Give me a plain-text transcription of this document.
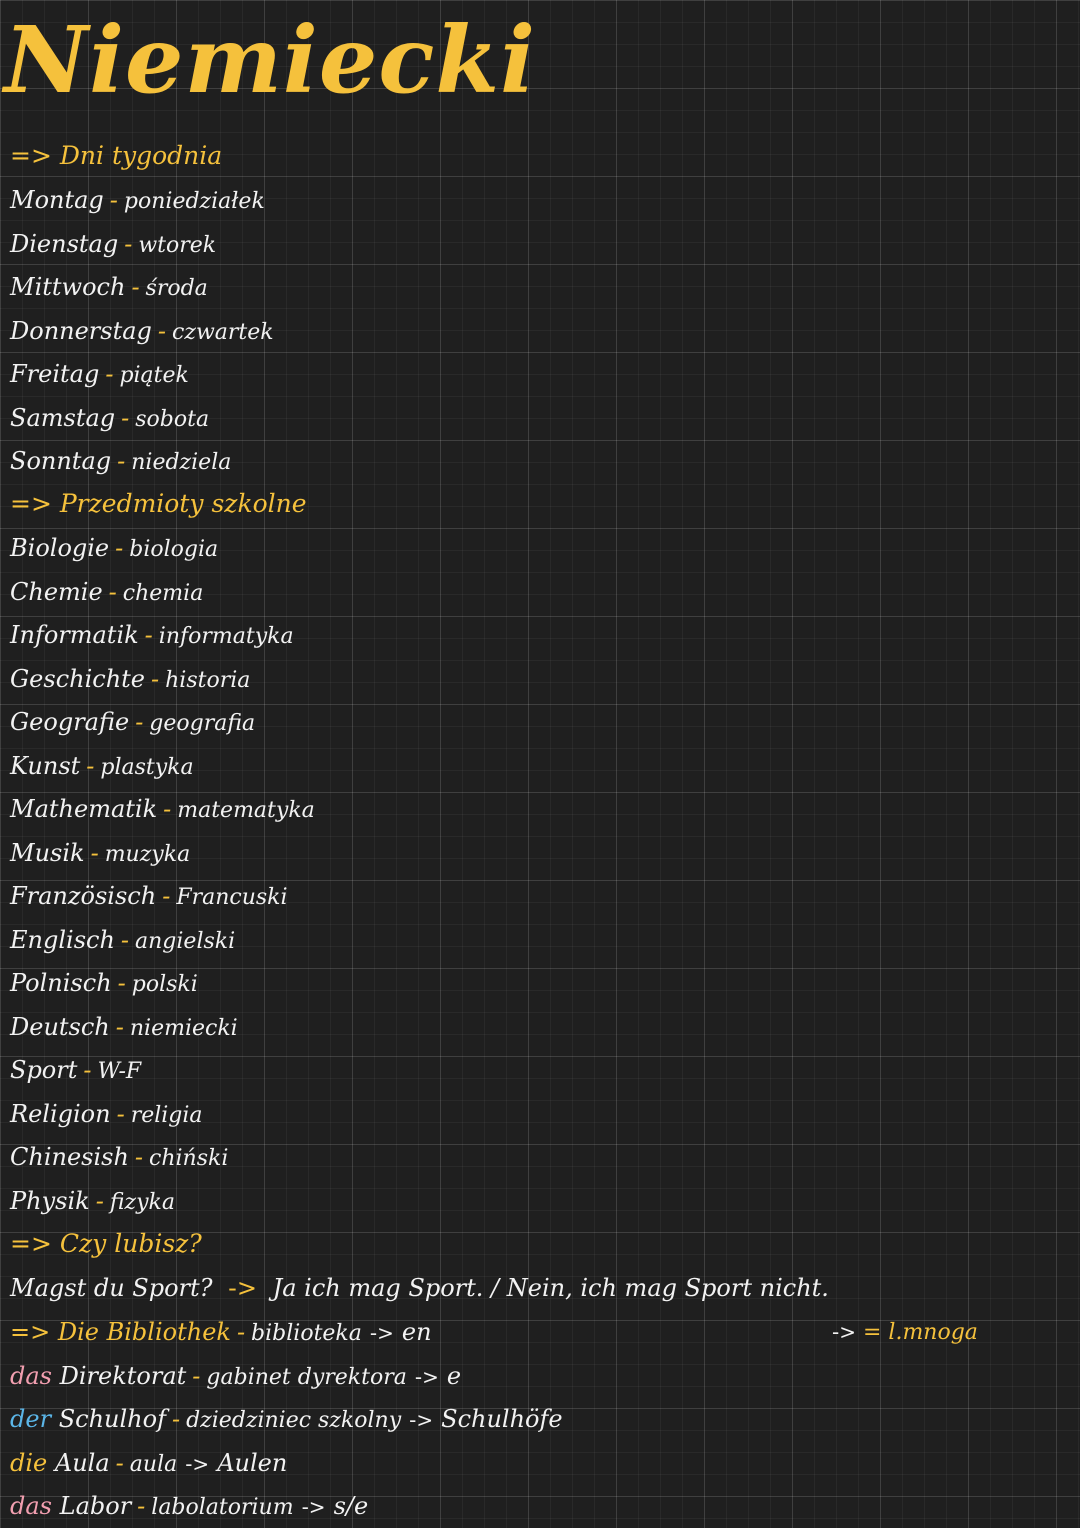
Niemiecki
=> Dni tygodnia
Montag - poniedziałek
Dienstag - wtorek
Mittwoch - środa
Donnerstag - czwartek
Freitag - piątek
Samstag - sobota
Sonntag - niedziela
=> Przedmioty szkolne
Biologie - biologia
Chemie - chemia
Informatik - informatyka
Geschichte - historia
Geografie - geografia
Kunst - plastyka
Mathematik - matematyka
Musik - muzyka
Französisch - Francuski
Englisch - angielski
Polnisch - polski
Deutsch - niemiecki
Sport - W-F
Religion - religia
Chinesish - chiński
Physik - fizyka
=> Czy lubisz?
Magst du Sport? -> Ja ich mag Sport. / Nein, ich mag Sport nicht.
=> Die Bibliothek - biblioteka -> en
das Direktorat - gabinet dyrektora -> e
der Schulhof - dziedziniec szkolny -> Schulhöfe
die Aula - aula -> Aulen
das Labor - labolatorium -> s/e
-> = l.mnoga
